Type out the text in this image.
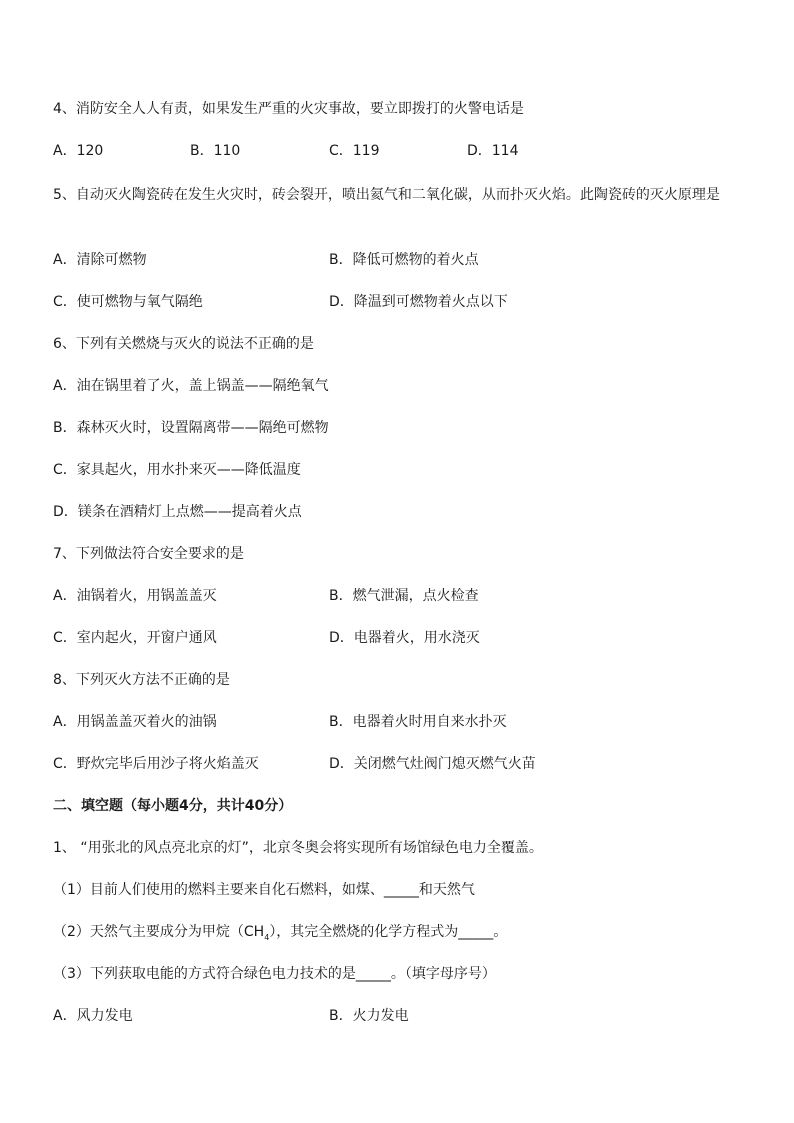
4、消防安全人人有责，如果发生严重的火灾事故，要立即拨打的火警电话是
A．120	B．110	C．119	D．114
5、自动灭火陶瓷砖在发生火灾时，砖会裂开，喷出氦气和二氧化碳，从而扑灭火焰。此陶瓷砖的灭火原理是
A．清除可燃物	B．降低可燃物的着火点
C．使可燃物与氧气隔绝	D．降温到可燃物着火点以下
6、下列有关燃烧与灭火的说法不正确的是
A．油在锅里着了火，盖上锅盖——隔绝氧气
B．森林灭火时，设置隔离带——隔绝可燃物
C．家具起火，用水扑来灭——降低温度
D．镁条在酒精灯上点燃——提高着火点
7、下列做法符合安全要求的是
A．油锅着火，用锅盖盖灭	B．燃气泄漏，点火检查
C．室内起火，开窗户通风	D．电器着火，用水浇灭
8、下列灭火方法不正确的是
A．用锅盖盖灭着火的油锅	B．电器着火时用自来水扑灭
C．野炊完毕后用沙子将火焰盖灭	D．关闭燃气灶阀门熄灭燃气火苗
二、填空题（每小题4分，共计40分）
1、 “用张北的风点亮北京的灯”，北京冬奥会将实现所有场馆绿色电力全覆盖。
（1）目前人们使用的燃料主要来自化石燃料，如煤、_____和天然气
（2）天然气主要成分为甲烷$(CH_4)$，其完全燃烧的化学方程式为_____。
（3）下列获取电能的方式符合绿色电力技术的是_____。（填字母序号）
A．风力发电	B．火力发电
